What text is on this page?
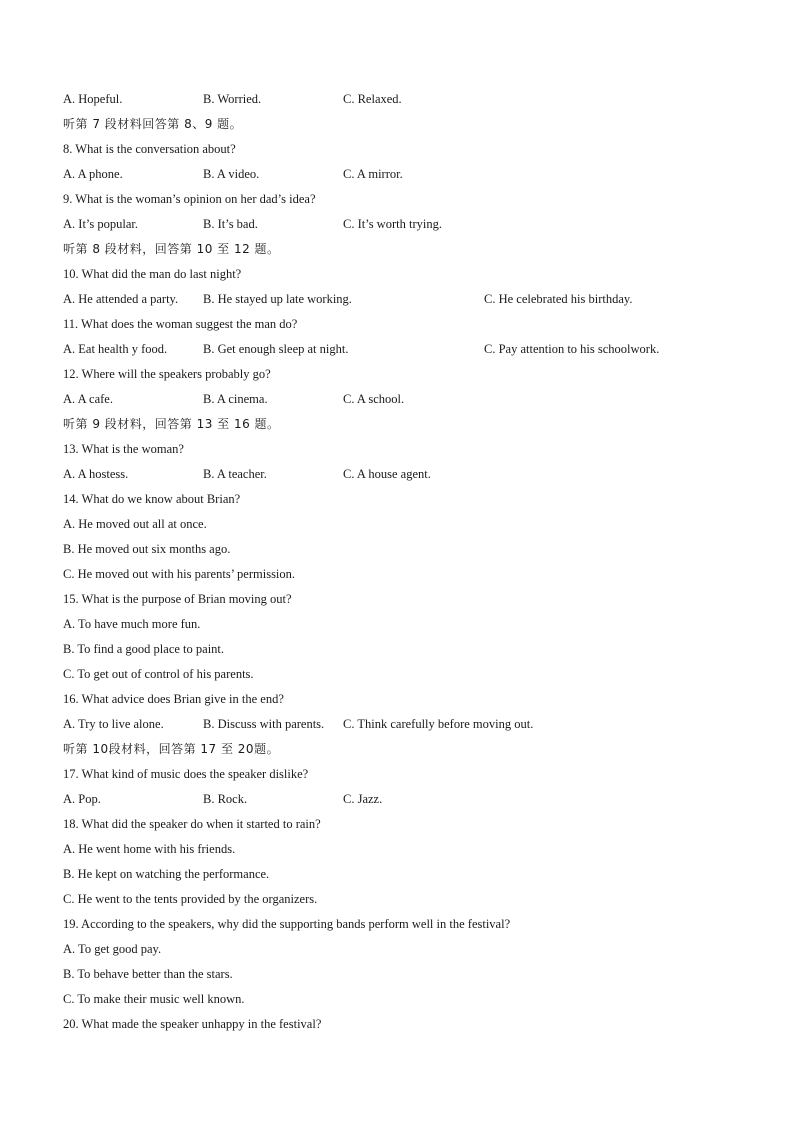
A. Hopeful.	B. Worried.	C. Relaxed.
听第 7 段材料回答第 8、9 题。
8. What is the conversation about?
A. A phone.	B. A video.	C. A mirror.
9. What is the woman’s opinion on her dad’s idea?
A. It’s popular.	B. It’s bad.	C. It’s worth trying.
听第 8 段材料，回答第 10 至 12 题。
10. What did the man do last night?
A. He attended a party.	B. He stayed up late working.	C. He celebrated his birthday.
11. What does the woman suggest the man do?
A. Eat health y food.	B. Get enough sleep at night.	C. Pay attention to his schoolwork.
12. Where will the speakers probably go?
A. A cafe.	B. A cinema.	C. A school.
听第 9 段材料，回答第 13 至 16 题。
13. What is the woman?
A. A hostess.	B. A teacher.	C. A house agent.
14. What do we know about Brian?
A. He moved out all at once.
B. He moved out six months ago.
C. He moved out with his parents’ permission.
15. What is the purpose of Brian moving out?
A. To have much more fun.
B. To find a good place to paint.
C. To get out of control of his parents.
16. What advice does Brian give in the end?
A. Try to live alone.	B. Discuss with parents.	C. Think carefully before moving out.
听第 10段材料，回答第 17 至 20题。
17. What kind of music does the speaker dislike?
A. Pop.	B. Rock.	C. Jazz.
18. What did the speaker do when it started to rain?
A. He went home with his friends.
B. He kept on watching the performance.
C. He went to the tents provided by the organizers.
19. According to the speakers, why did the supporting bands perform well in the festival?
A. To get good pay.
B. To behave better than the stars.
C. To make their music well known.
20. What made the speaker unhappy in the festival?
